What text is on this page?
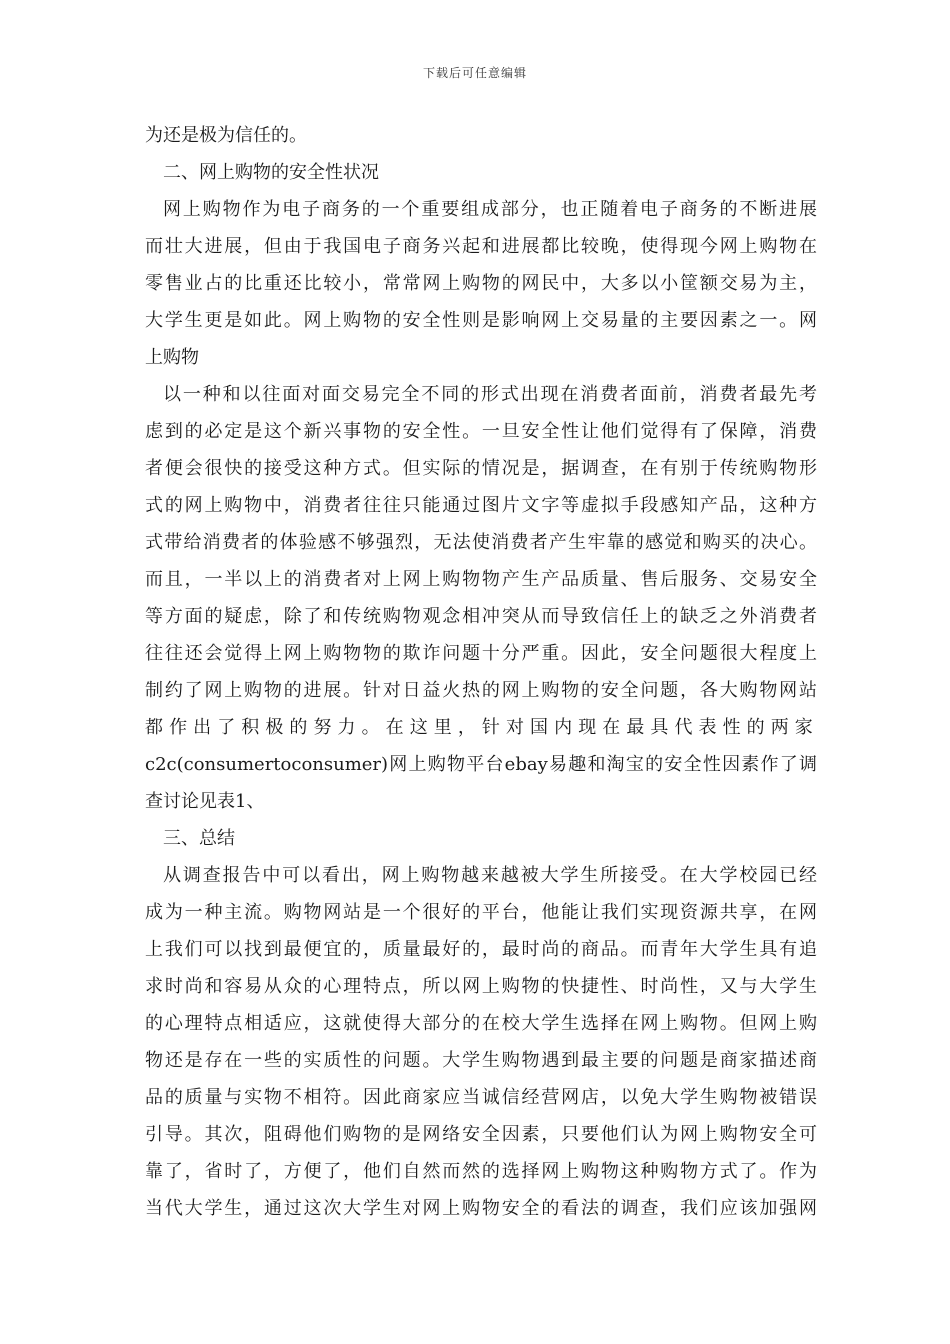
下载后可任意编辑
为还是极为信任的。
二、网上购物的安全性状况
网上购物作为电子商务的一个重要组成部分，也正随着电子商务的不断进展
而壮大进展，但由于我国电子商务兴起和进展都比较晚，使得现今网上购物在
零售业占的比重还比较小，常常网上购物的网民中，大多以小筐额交易为主，
大学生更是如此。网上购物的安全性则是影响网上交易量的主要因素之一。网
上购物
以一种和以往面对面交易完全不同的形式出现在消费者面前，消费者最先考
虑到的必定是这个新兴事物的安全性。一旦安全性让他们觉得有了保障，消费
者便会很快的接受这种方式。但实际的情况是，据调查，在有别于传统购物形
式的网上购物中，消费者往往只能通过图片文字等虚拟手段感知产品，这种方
式带给消费者的体验感不够强烈，无法使消费者产生牢靠的感觉和购买的决心。
而且，一半以上的消费者对上网上购物物产生产品质量、售后服务、交易安全
等方面的疑虑，除了和传统购物观念相冲突从而导致信任上的缺乏之外消费者
往往还会觉得上网上购物物的欺诈问题十分严重。因此，安全问题很大程度上
制约了网上购物的进展。针对日益火热的网上购物的安全问题，各大购物网站
都作出了积极的努力。在这里，针对国内现在最具代表性的两家
c2c(consumertoconsumer)网上购物平台ebay易趣和淘宝的安全性因素作了调
查讨论见表1、
三、总结
从调查报告中可以看出，网上购物越来越被大学生所接受。在大学校园已经
成为一种主流。购物网站是一个很好的平台，他能让我们实现资源共享，在网
上我们可以找到最便宜的，质量最好的，最时尚的商品。而青年大学生具有追
求时尚和容易从众的心理特点，所以网上购物的快捷性、时尚性，又与大学生
的心理特点相适应，这就使得大部分的在校大学生选择在网上购物。但网上购
物还是存在一些的实质性的问题。大学生购物遇到最主要的问题是商家描述商
品的质量与实物不相符。因此商家应当诚信经营网店，以免大学生购物被错误
引导。其次，阻碍他们购物的是网络安全因素，只要他们认为网上购物安全可
靠了，省时了，方便了，他们自然而然的选择网上购物这种购物方式了。作为
当代大学生，通过这次大学生对网上购物安全的看法的调查，我们应该加强网
